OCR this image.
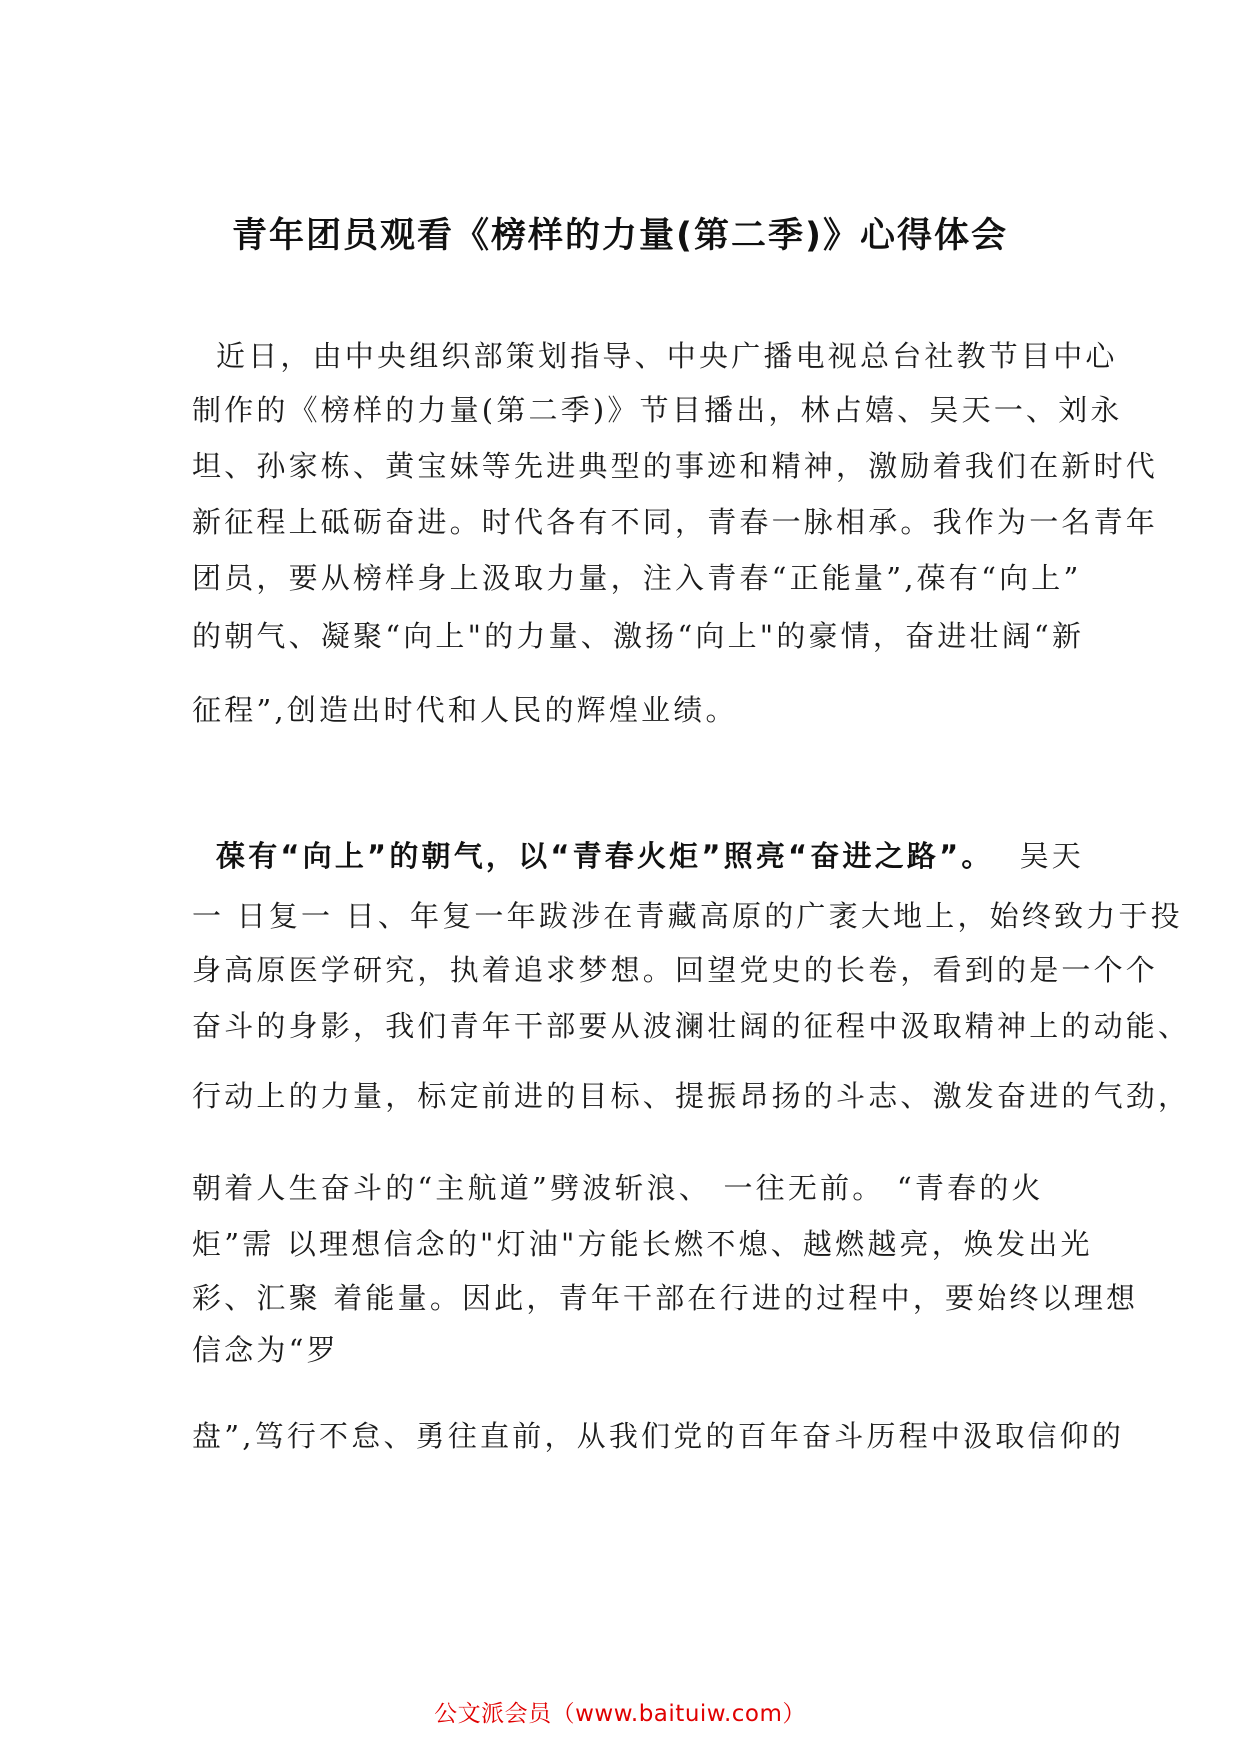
青年团员观看《榜样的力量(第二季)》心得体会
近日，由中央组织部策划指导、中央广播电视总台社教节目中心
制作的《榜样的力量(第二季)》节目播出，林占嬉、吴天一、刘永
坦、孙家栋、黄宝妹等先进典型的事迹和精神，激励着我们在新时代
新征程上砥砺奋进。时代各有不同，青春一脉相承。我作为一名青年
团员，要从榜样身上汲取力量，注入青春“正能量”,葆有“向上”
的朝气、凝聚“向上"的力量、激扬“向上"的豪情，奋进壮阔“新
征程”,创造出时代和人民的辉煌业绩。
葆有“向上”的朝气，以“青春火炬”照亮“奋进之路”。 吴天
一 日复一 日、年复一年跋涉在青藏高原的广袤大地上，始终致力于投
身高原医学研究，执着追求梦想。回望党史的长卷，看到的是一个个
奋斗的身影，我们青年干部要从波澜壮阔的征程中汲取精神上的动能、
行动上的力量，标定前进的目标、提振昂扬的斗志、激发奋进的气劲，
朝着人生奋斗的“主航道”劈波斩浪、 一往无前。 “青春的火
炬”需 以理想信念的"灯油"方能长燃不熄、越燃越亮，焕发出光
彩、汇聚 着能量。因此，青年干部在行进的过程中，要始终以理想
信念为“罗
盘”,笃行不怠、勇往直前，从我们党的百年奋斗历程中汲取信仰的
公文派会员（www.baituiw.com）
